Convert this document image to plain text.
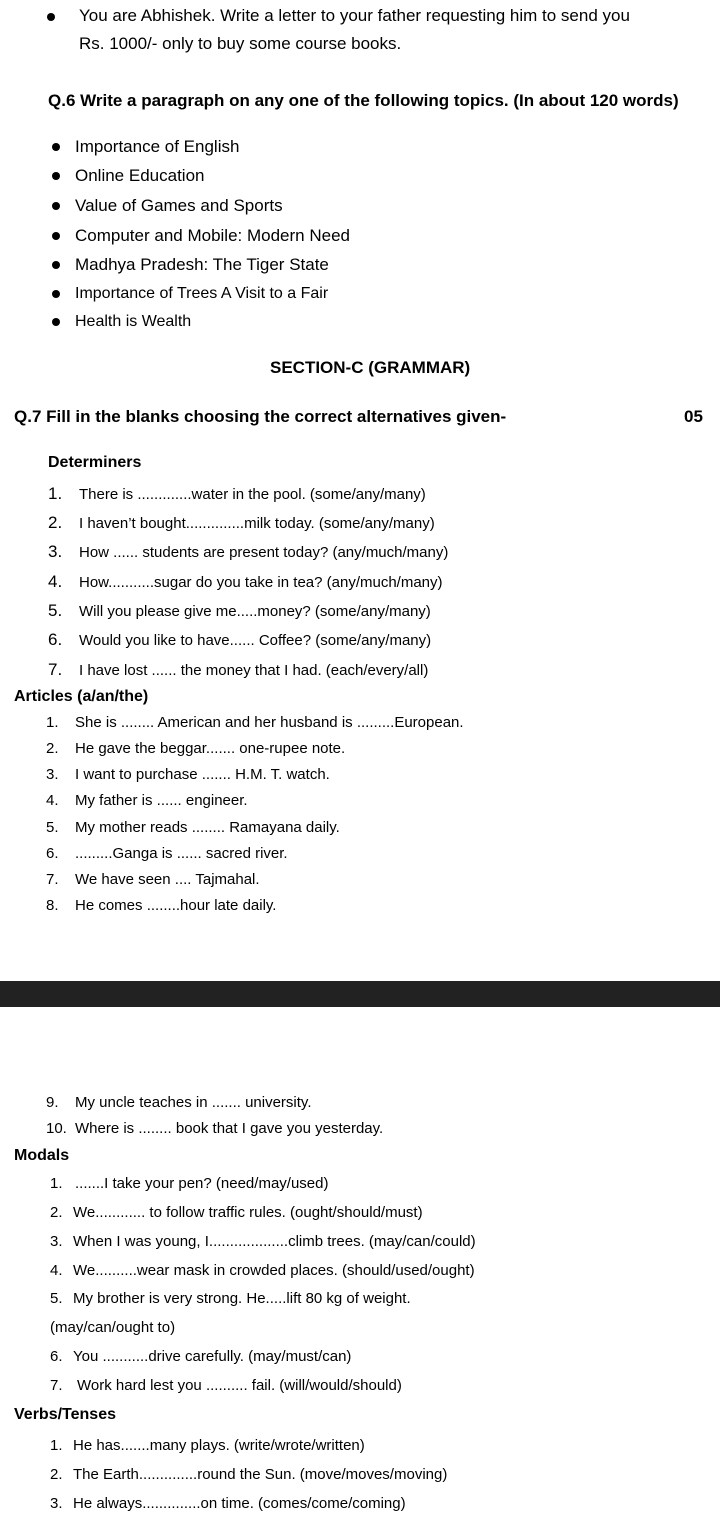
You are Abhishek. Write a letter to your father requesting him to send you
Rs. 1000/- only to buy some course books.
Q.6 Write a paragraph on any one of the following topics. (In about 120 words)
Importance of English
Online Education
Value of Games and Sports
Computer and Mobile: Modern Need
Madhya Pradesh: The Tiger State
Importance of Trees A Visit to a Fair
Health is Wealth
SECTION-C (GRAMMAR)
Q.7 Fill in the blanks choosing the correct alternatives given-	05
Determiners
1. There is .............water in the pool. (some/any/many)
2. I haven’t bought..............milk today. (some/any/many)
3. How ...... students are present today? (any/much/many)
4. How...........sugar do you take in tea? (any/much/many)
5. Will you please give me.....money? (some/any/many)
6. Would you like to have...... Coffee? (some/any/many)
7. I have lost ...... the money that I had. (each/every/all)
Articles (a/an/the)
1. She is ........ American and her husband is .........European.
2. He gave the beggar....... one-rupee note.
3. I want to purchase ....... H.M. T. watch.
4. My father is ...... engineer.
5. My mother reads ........ Ramayana daily.
6. .........Ganga is ...... sacred river.
7. We have seen .... Tajmahal.
8. He comes ........hour late daily.
9. My uncle teaches in ....... university.
10. Where is ........ book that I gave you yesterday.
Modals
1. .......I take your pen? (need/may/used)
2. We............ to follow traffic rules. (ought/should/must)
3. When I was young, I...................climb trees. (may/can/could)
4. We..........wear mask in crowded places. (should/used/ought)
5. My brother is very strong. He.....lift 80 kg of weight.
(may/can/ought to)
6. You ...........drive carefully. (may/must/can)
7. Work hard lest you .......... fail. (will/would/should)
Verbs/Tenses
1. He has.......many plays. (write/wrote/written)
2. The Earth..............round the Sun. (move/moves/moving)
3. He always..............on time. (comes/come/coming)
